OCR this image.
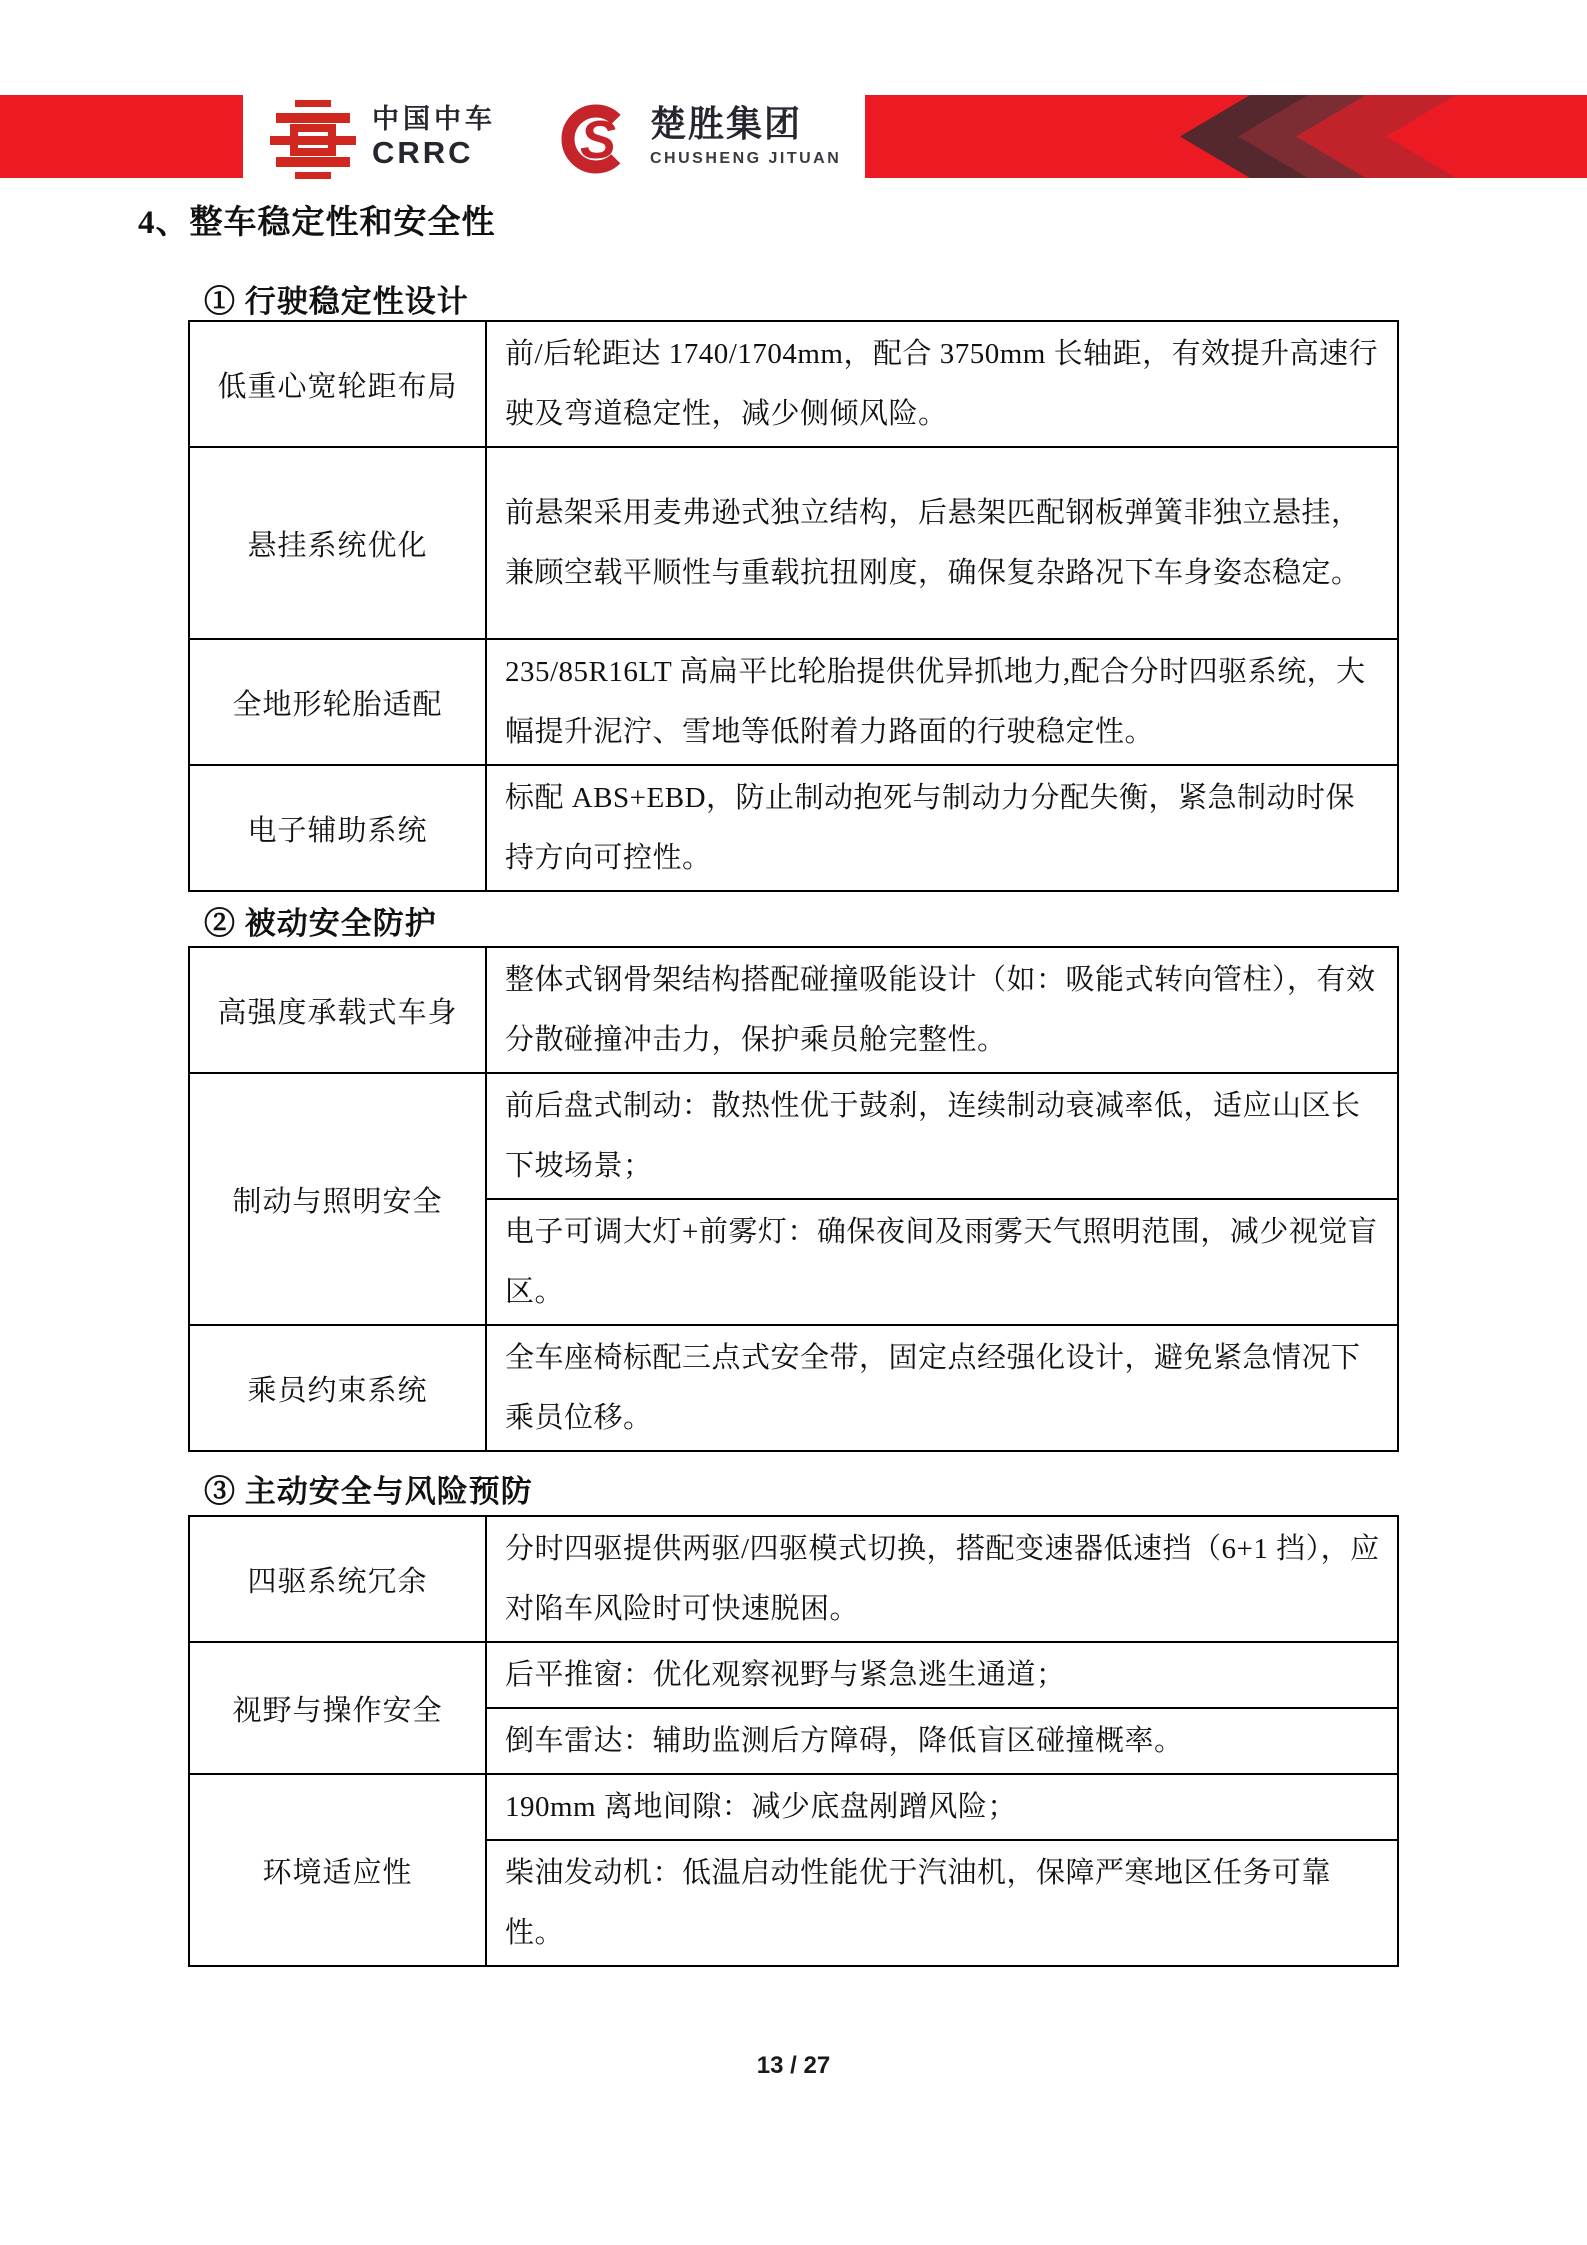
中国中车
CRRC	S 楚胜集团
CHUSHENG JITUAN
4、整车稳定性和安全性
① 行驶稳定性设计
低重心宽轮距布局	前/后轮距达 1740/1704mm，配合 3750mm 长轴距，有效提升高速行驶及弯道稳定性，减少侧倾风险。
悬挂系统优化	前悬架采用麦弗逊式独立结构，后悬架匹配钢板弹簧非独立悬挂，兼顾空载平顺性与重载抗扭刚度，确保复杂路况下车身姿态稳定。
全地形轮胎适配	235/85R16LT 高扁平比轮胎提供优异抓地力,配合分时四驱系统，大幅提升泥泞、雪地等低附着力路面的行驶稳定性。
电子辅助系统	标配 ABS+EBD，防止制动抱死与制动力分配失衡，紧急制动时保持方向可控性。
② 被动安全防护
高强度承载式车身	整体式钢骨架结构搭配碰撞吸能设计（如：吸能式转向管柱），有效分散碰撞冲击力，保护乘员舱完整性。
制动与照明安全	前后盘式制动：散热性优于鼓刹，连续制动衰减率低，适应山区长下坡场景；
	电子可调大灯+前雾灯：确保夜间及雨雾天气照明范围，减少视觉盲区。
乘员约束系统	全车座椅标配三点式安全带，固定点经强化设计，避免紧急情况下乘员位移。
③ 主动安全与风险预防
四驱系统冗余	分时四驱提供两驱/四驱模式切换，搭配变速器低速挡（6+1 挡），应对陷车风险时可快速脱困。
视野与操作安全	后平推窗：优化观察视野与紧急逃生通道；
	倒车雷达：辅助监测后方障碍，降低盲区碰撞概率。
环境适应性	190mm 离地间隙：减少底盘剐蹭风险；
	柴油发动机：低温启动性能优于汽油机，保障严寒地区任务可靠性。
13 / 27
